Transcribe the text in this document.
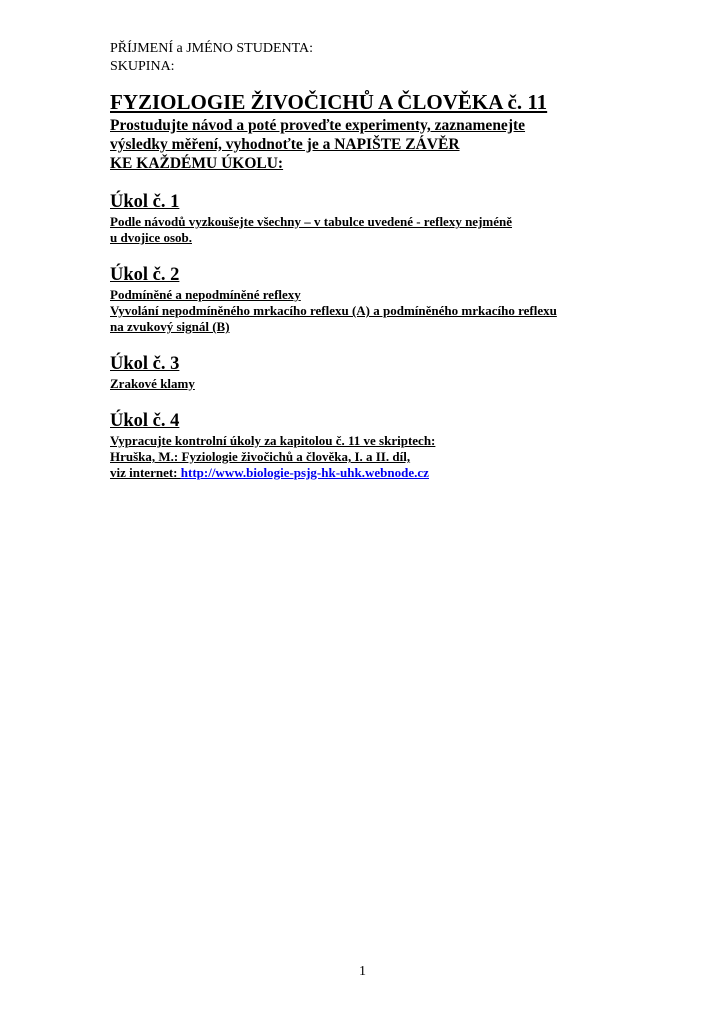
PŘÍJMENÍ a JMÉNO STUDENTA:
SKUPINA:
FYZIOLOGIE ŽIVOČICHŮ A ČLOVĚKA č. 11
Prostudujte návod a poté proveďte experimenty, zaznamenejte
výsledky měření, vyhodnoťte je a NAPIŠTE ZÁVĚR
KE KAŽDÉMU ÚKOLU:
Úkol č. 1
Podle návodů vyzkoušejte všechny – v tabulce uvedené - reflexy nejméně
u dvojice osob.
Úkol č. 2
Podmíněné a nepodmíněné reflexy
Vyvolání nepodmíněného mrkacího reflexu (A) a podmíněného mrkacího reflexu
na zvukový signál (B)
Úkol č. 3
Zrakové klamy
Úkol č. 4
Vypracujte kontrolní úkoly za kapitolou č. 11 ve skriptech:
Hruška, M.: Fyziologie živočichů a člověka, I. a II. díl,
viz internet: http://www.biologie-psjg-hk-uhk.webnode.cz
1
